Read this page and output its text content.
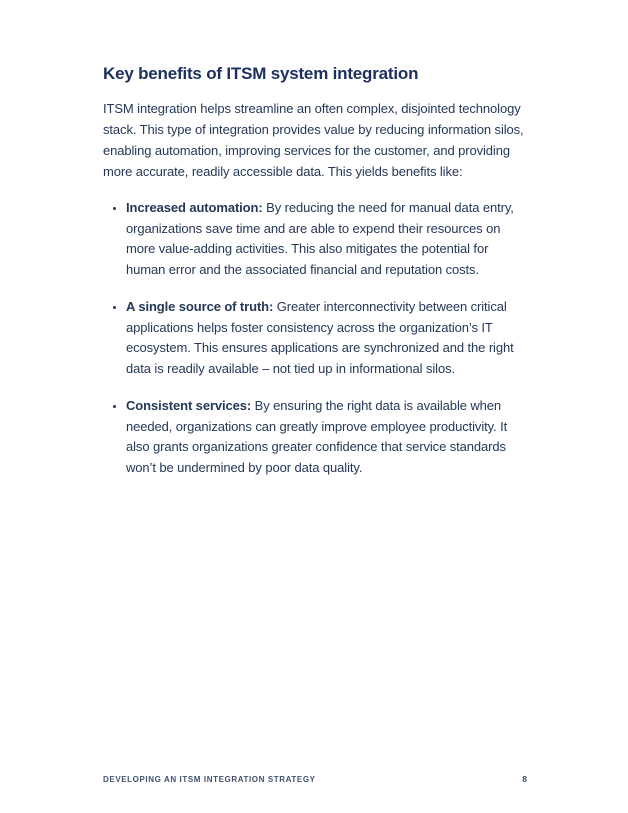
Key benefits of ITSM system integration

ITSM integration helps streamline an often complex, disjointed technology stack. This type of integration provides value by reducing information silos, enabling automation, improving services for the customer, and providing more accurate, readily accessible data. This yields benefits like:

Increased automation: By reducing the need for manual data entry, organizations save time and are able to expend their resources on more value-adding activities. This also mitigates the potential for human error and the associated financial and reputation costs.
A single source of truth: Greater interconnectivity between critical applications helps foster consistency across the organization’s IT ecosystem. This ensures applications are synchronized and the right data is readily available – not tied up in informational silos.
Consistent services: By ensuring the right data is available when needed, organizations can greatly improve employee productivity. It also grants organizations greater confidence that service standards won’t be undermined by poor data quality.
DEVELOPING AN ITSM INTEGRATION STRATEGY	8
